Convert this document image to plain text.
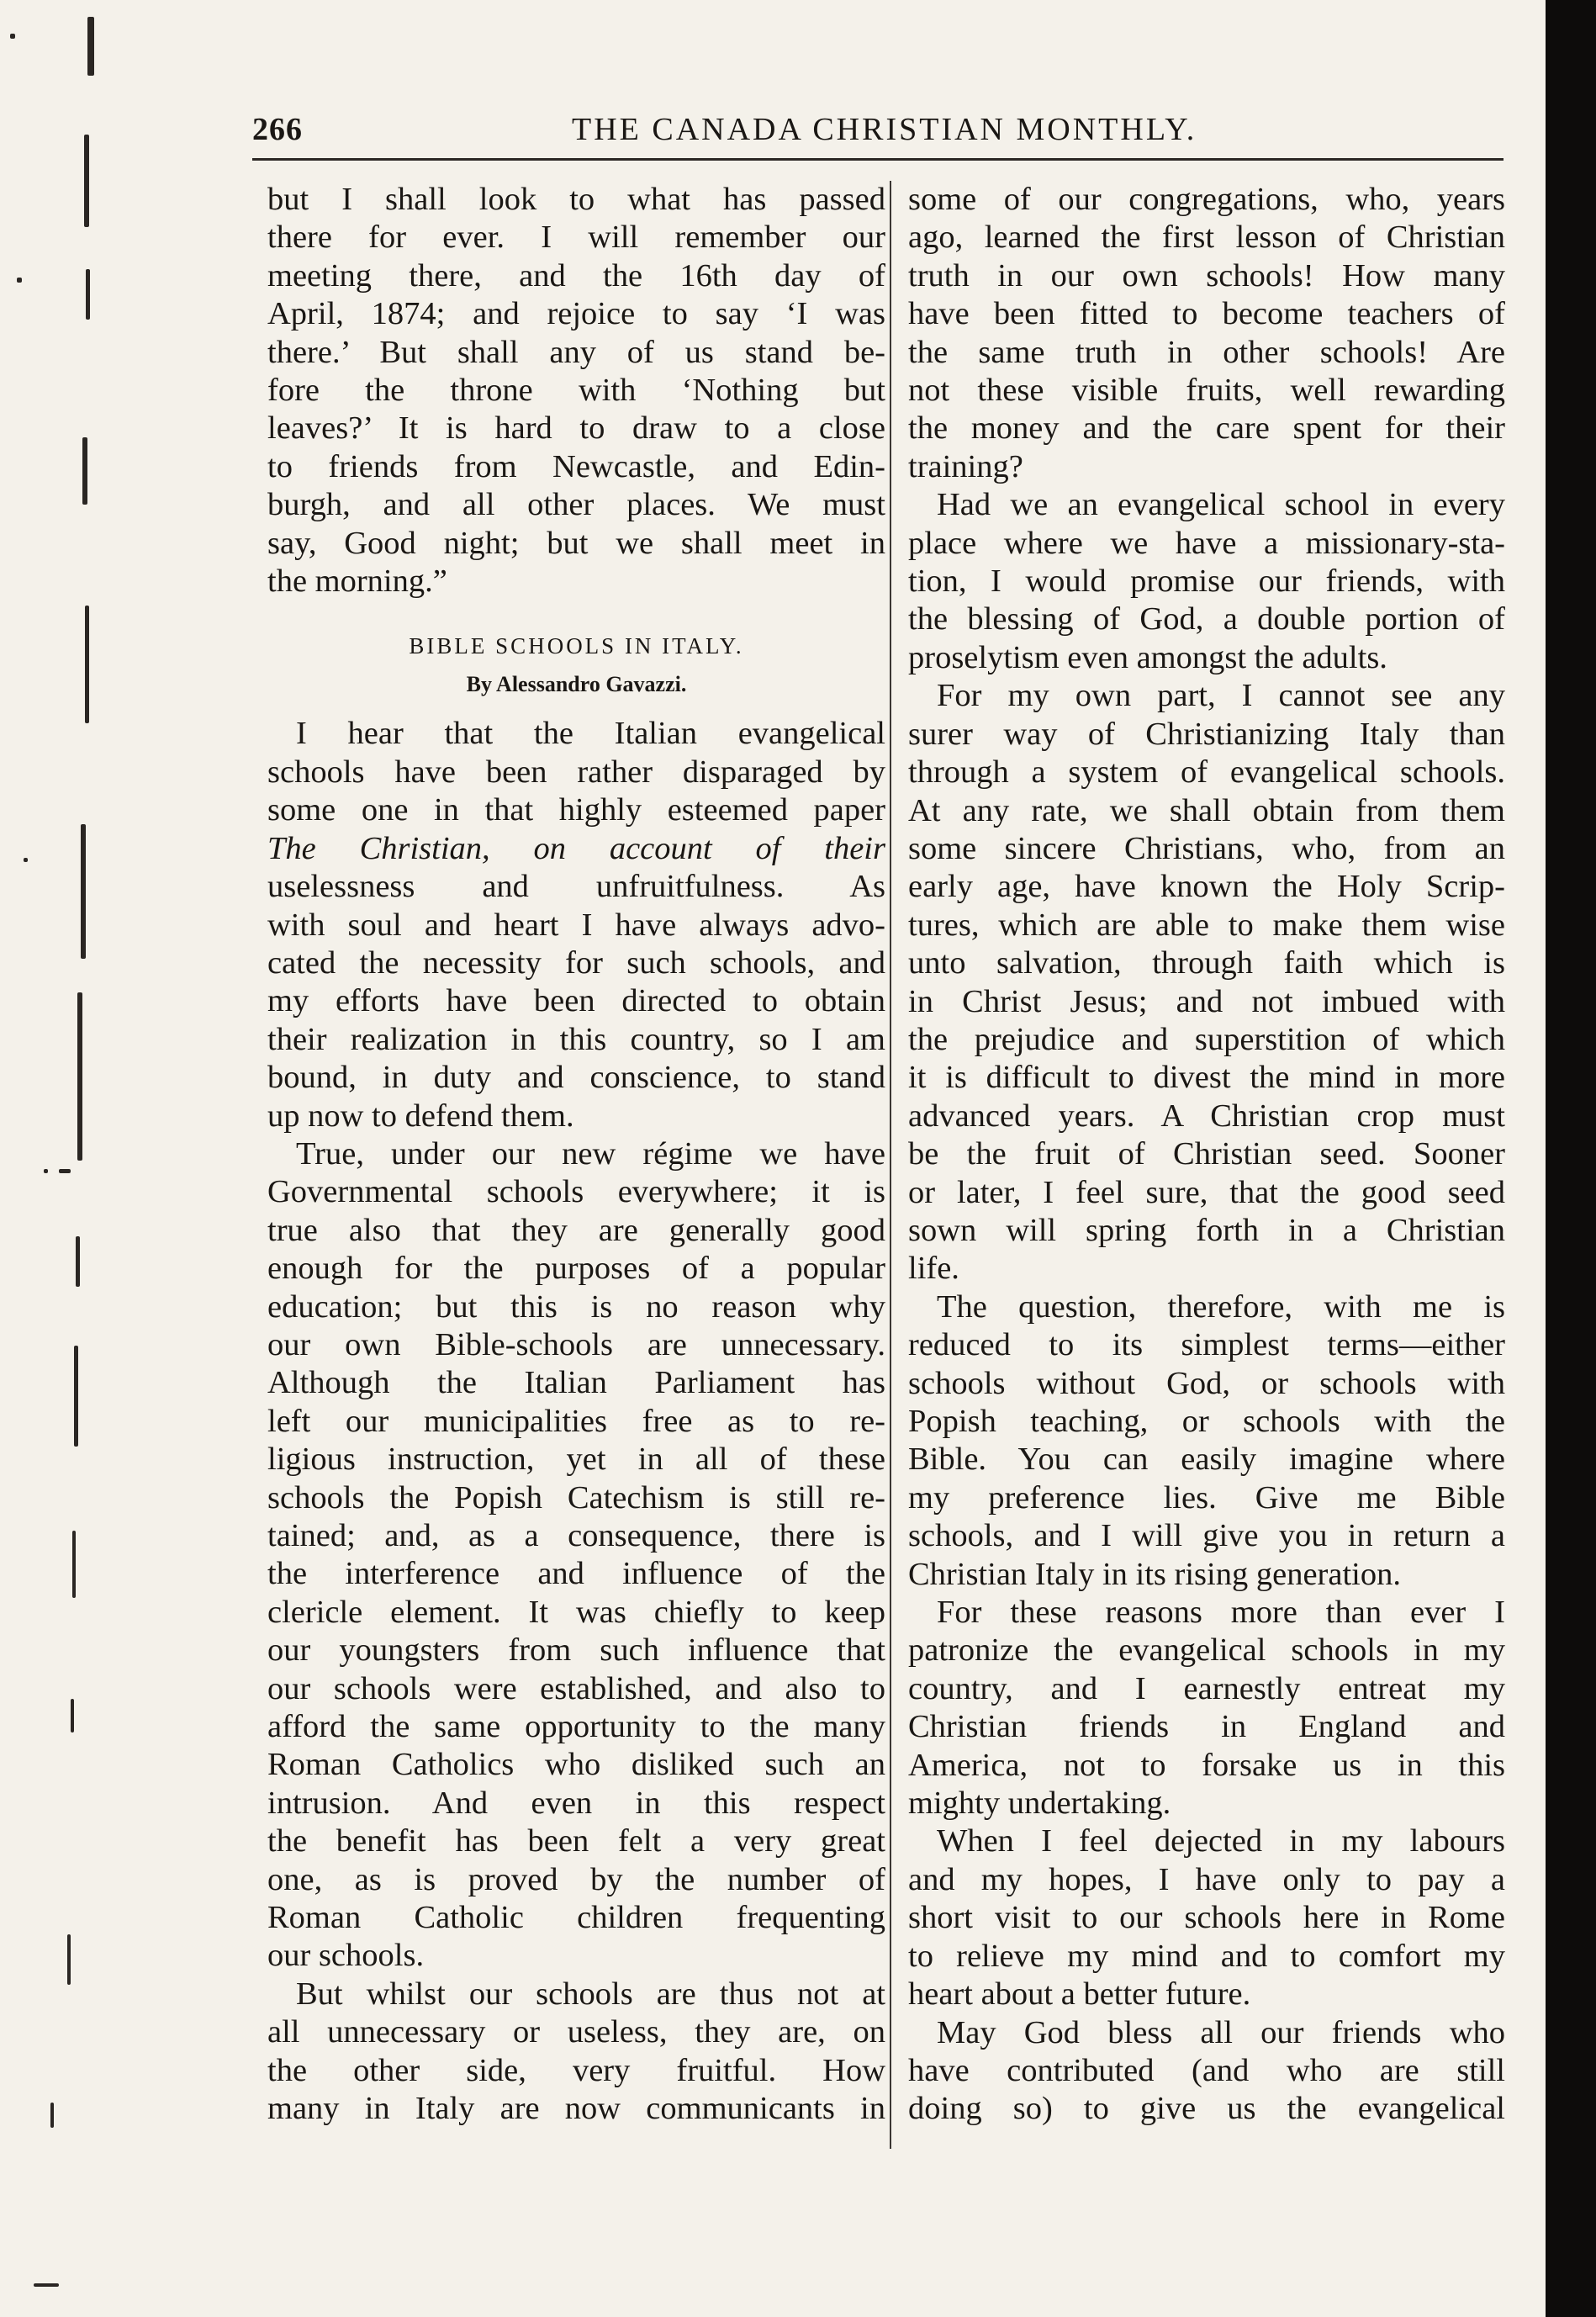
266	THE CANADA CHRISTIAN MONTHLY.

but I shall look to what has passed
there for ever. I will remember our
meeting there, and the 16th day of
April, 1874; and rejoice to say ‘I was
there.’ But shall any of us stand be-
fore the throne with ‘Nothing but
leaves?’ It is hard to draw to a close
to friends from Newcastle, and Edin-
burgh, and all other places. We must
say, Good night; but we shall meet in
the morning.”

BIBLE SCHOOLS IN ITALY.
By Alessandro Gavazzi.

I hear that the Italian evangelical

schools have been rather disparaged by
some one in that highly esteemed paper
The Christian, on account of their
uselessness and unfruitfulness. As
with soul and heart I have always advo-
cated the necessity for such schools, and
my efforts have been directed to obtain
their realization in this country, so I am
bound, in duty and conscience, to stand
up now to defend them.

True, under our new régime we have
Governmental schools everywhere; it is
true also that they are generally good
enough for the purposes of a popular
education; but this is no reason why
our own Bible-schools are unnecessary.
Although the Italian Parliament has
left our municipalities free as to re-
ligious instruction, yet in all of these
schools the Popish Catechism is still re-
tained; and, as a consequence, there is
the interference and influence of the
clericle element. It was chiefly to keep
our youngsters from such influence that
our schools were established, and also to
afford the same opportunity to the many
Roman Catholics who disliked such an
intrusion. And even in this respect
the benefit has been felt a very great
one, as is proved by the number of
Roman Catholic children frequenting
our schools.

But whilst our schools are thus not at
all unnecessary or useless, they are, on
the other side, very fruitful. How
many in Italy are now communicants in

some of our congregations, who, years
ago, learned the first lesson of Christian
truth in our own schools! How many
have been fitted to become teachers of
the same truth in other schools! Are
not these visible fruits, well rewarding
the money and the care spent for their
training?

Had we an evangelical school in every
place where we have a missionary-sta-
tion, I would promise our friends, with
the blessing of God, a double portion of
proselytism even amongst the adults.

For my own part, I cannot see any
surer way of Christianizing Italy than
through a system of evangelical schools.
At any rate, we shall obtain from them
some sincere Christians, who, from an
early age, have known the Holy Scrip-
tures, which are able to make them wise
unto salvation, through faith which is
in Christ Jesus; and not imbued with
the prejudice and superstition of which
it is difficult to divest the mind in more
advanced years. A Christian crop must
be the fruit of Christian seed. Sooner
or later, I feel sure, that the good seed
sown will spring forth in a Christian
life.

The question, therefore, with me is
reduced to its simplest terms—either
schools without God, or schools with
Popish teaching, or schools with the
Bible. You can easily imagine where
my preference lies. Give me Bible
schools, and I will give you in return a
Christian Italy in its rising generation.

For these reasons more than ever I
patronize the evangelical schools in my
country, and I earnestly entreat my
Christian friends in England and
America, not to forsake us in this
mighty undertaking.

When I feel dejected in my labours
and my hopes, I have only to pay a
short visit to our schools here in Rome
to relieve my mind and to comfort my
heart about a better future.

May God bless all our friends who
have contributed (and who are still
doing so) to give us the evangelical
